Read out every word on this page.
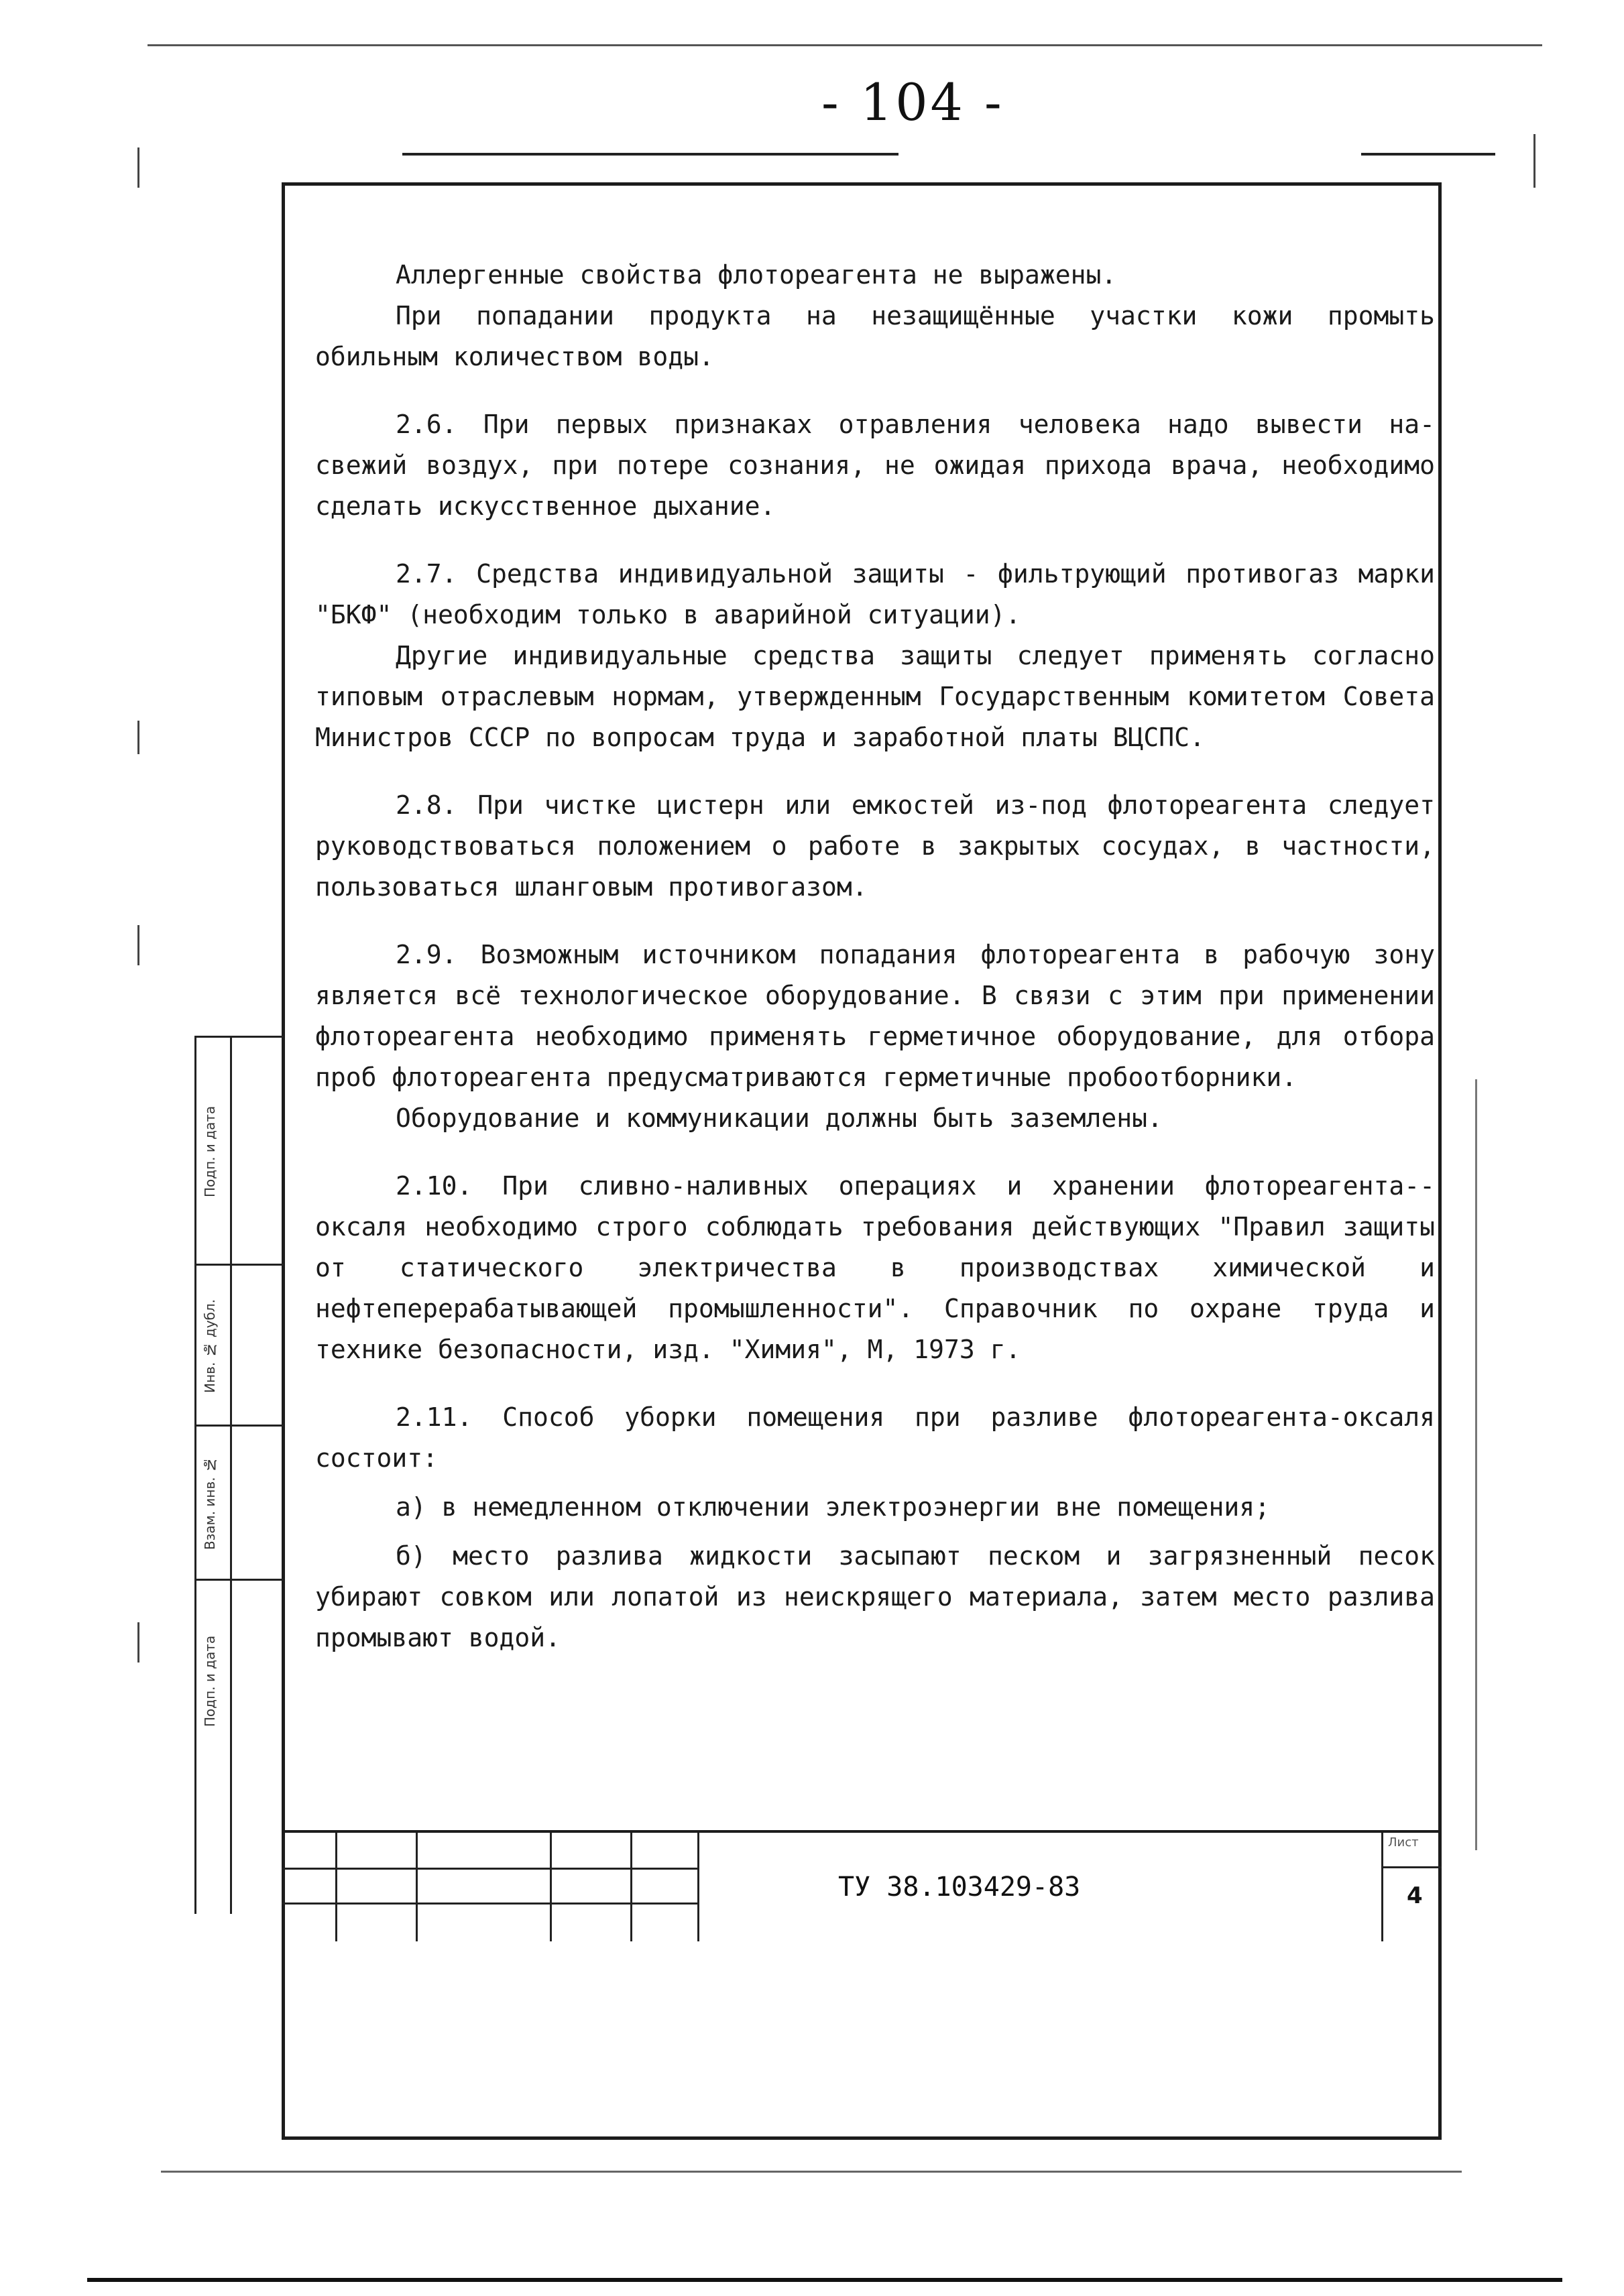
- 104 -

Аллергенные свойства флотореагента не выражены.

При попадании продукта на незащищённые участки кожи промыть обильным количеством воды.

2.6. При первых признаках отравления человека надо вывести на-свежий воздух, при потере сознания, не ожидая прихода врача, необходимо сделать искусственное дыхание.

2.7. Средства индивидуальной защиты - фильтрующий противогаз марки "БКФ" (необходим только в аварийной ситуации).

Другие индивидуальные средства защиты следует применять согласно типовым отраслевым нормам, утвержденным Государственным комитетом Совета Министров СССР по вопросам труда и заработной платы ВЦСПС.

2.8. При чистке цистерн или емкостей из-под флотореагента следует руководствоваться положением о работе в закрытых сосудах, в частности, пользоваться шланговым противогазом.

2.9. Возможным источником попадания флотореагента в рабочую зону является всё технологическое оборудование. В связи с этим при применении флотореагента необходимо применять герметичное оборудование, для отбора проб флотореагента предусматриваются герметичные пробоотборники.

Оборудование и коммуникации должны быть заземлены.

2.10. При сливно-наливных операциях и хранении флотореагента--оксаля необходимо строго соблюдать требования действующих "Правил защиты от статического электричества в производствах химической и нефтеперерабатывающей промышленности". Справочник по охране труда и технике безопасности, изд. "Химия", М, 1973 г.

2.11. Способ уборки помещения при разливе флотореагента-оксаля состоит:

а) в немедленном отключении электроэнергии вне помещения;

б) место разлива жидкости засыпают песком и загрязненный песок убирают совком или лопатой из неискрящего материала, затем место разлива промывают водой.

Подп. и дата
Инв. № дубл.
Взам. инв. №
Подп. и дата
ТУ 38.103429-83
Лист
4
